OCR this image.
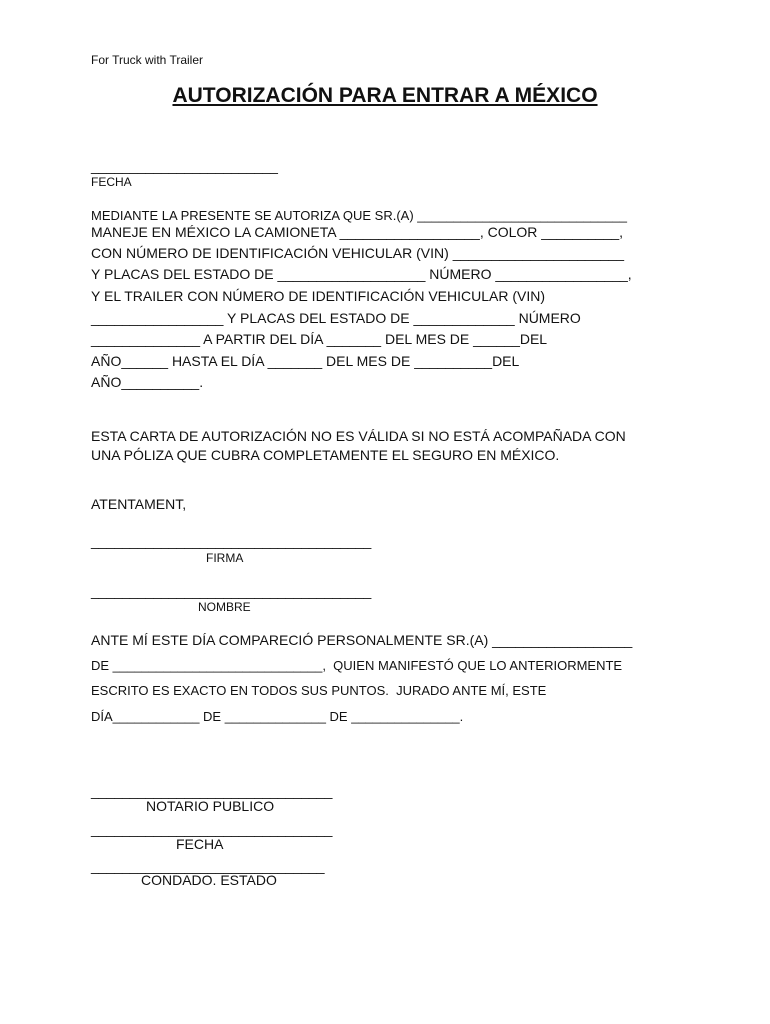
For Truck with Trailer
AUTORIZACIÓN PARA ENTRAR A MÉXICO
________________________
FECHA
MEDIANTE LA PRESENTE SE AUTORIZA QUE SR.(A) _____________________________
MANEJE EN MÉXICO LA CAMIONETA __________________, COLOR __________,
CON NÚMERO DE IDENTIFICACIÓN VEHICULAR (VIN) ______________________
Y PLACAS DEL ESTADO DE ___________________ NÚMERO _________________,
Y EL TRAILER CON NÚMERO DE IDENTIFICACIÓN VEHICULAR (VIN)
_________________ Y PLACAS DEL ESTADO DE _____________ NÚMERO
______________ A PARTIR DEL DÍA _______ DEL MES DE ______DEL
AÑO______ HASTA EL DÍA _______ DEL MES DE __________DEL
AÑO__________.
ESTA CARTA DE AUTORIZACIÓN NO ES VÁLIDA SI NO ESTÁ ACOMPAÑADA CON
UNA PÓLIZA QUE CUBRA COMPLETAMENTE EL SEGURO EN MÉXICO.
ATENTAMENT,
____________________________________
FIRMA
____________________________________
NOMBRE
ANTE MÍ ESTE DÍA COMPARECIÓ PERSONALMENTE SR.(A) __________________
DE _____________________________,  QUIEN MANIFESTÓ QUE LO ANTERIORMENTE
ESCRITO ES EXACTO EN TODOS SUS PUNTOS.  JURADO ANTE MÍ, ESTE
DÍA____________ DE ______________ DE _______________.
_______________________________
NOTARIO PUBLICO
_______________________________
FECHA
______________________________
CONDADO. ESTADO
